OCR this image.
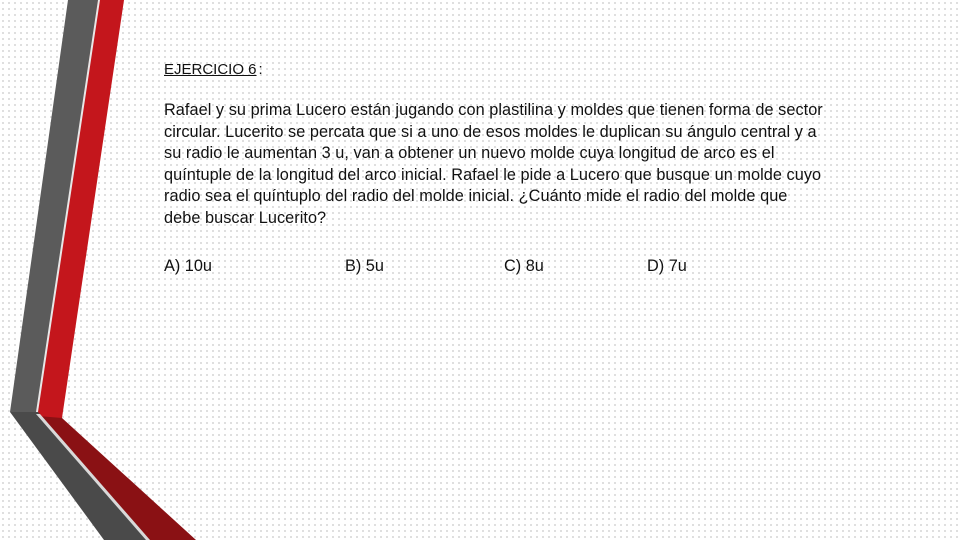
EJERCICIO 6 :

Rafael y su prima Lucero están jugando con plastilina y moldes que tienen forma de sector circular. Lucerito se percata que si a uno de esos moldes le duplican su ángulo central y a su radio le aumentan 3 u, van a obtener un nuevo molde cuya longitud de arco es el quíntuple de la longitud del arco inicial. Rafael le pide a Lucero que busque un molde cuyo radio sea el quíntuplo del radio del molde inicial. ¿Cuánto mide el radio del molde que debe buscar Lucerito?

A) 10u	B) 5u	C) 8u	D) 7u
